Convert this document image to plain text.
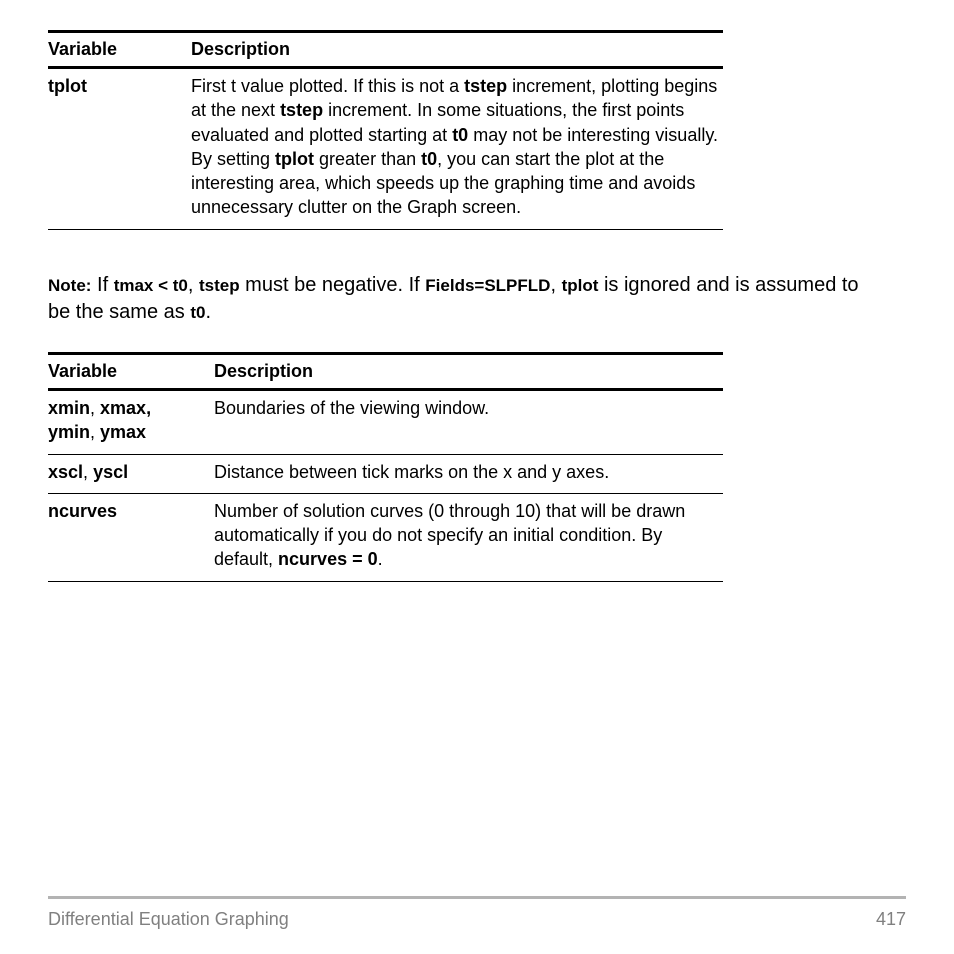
Variable	Description
tplot	First t value plotted. If this is not a tstep increment, plotting begins at the next tstep increment. In some situations, the first points evaluated and plotted starting at t0 may not be interesting visually. By setting tplot greater than t0, you can start the plot at the interesting area, which speeds up the graphing time and avoids unnecessary clutter on the Graph screen.
Note: If tmax < t0, tstep must be negative. If Fields=SLPFLD, tplot is ignored and is assumed to be the same as t0.
Variable	Description
xmin, xmax,
ymin, ymax	Boundaries of the viewing window.
xscl, yscl	Distance between tick marks on the x and y axes.
ncurves	Number of solution curves (0 through 10) that will be drawn automatically if you do not specify an initial condition. By default, ncurves = 0.
Differential Equation Graphing	417
